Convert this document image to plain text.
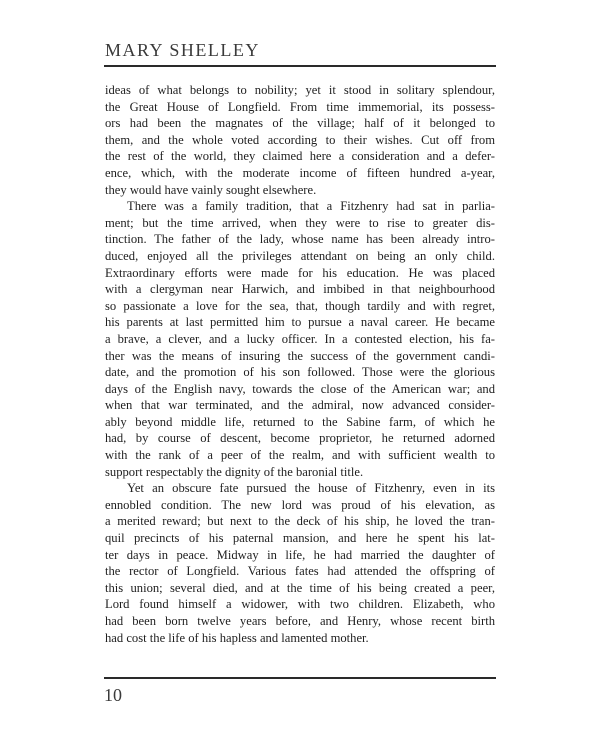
MARY SHELLEY
ideas of what belongs to nobility; yet it stood in solitary splendour,
the Great House of Longfield. From time immemorial, its possess-
ors had been the magnates of the village; half of it belonged to
them, and the whole voted according to their wishes. Cut off from
the rest of the world, they claimed here a consideration and a defer-
ence, which, with the moderate income of fifteen hundred a-year,
they would have vainly sought elsewhere.
There was a family tradition, that a Fitzhenry had sat in parlia-
ment; but the time arrived, when they were to rise to greater dis-
tinction. The father of the lady, whose name has been already intro-
duced, enjoyed all the privileges attendant on being an only child.
Extraordinary efforts were made for his education. He was placed
with a clergyman near Harwich, and imbibed in that neighbourhood
so passionate a love for the sea, that, though tardily and with regret,
his parents at last permitted him to pursue a naval career. He became
a brave, a clever, and a lucky officer. In a contested election, his fa-
ther was the means of insuring the success of the government candi-
date, and the promotion of his son followed. Those were the glorious
days of the English navy, towards the close of the American war; and
when that war terminated, and the admiral, now advanced consider-
ably beyond middle life, returned to the Sabine farm, of which he
had, by course of descent, become proprietor, he returned adorned
with the rank of a peer of the realm, and with sufficient wealth to
support respectably the dignity of the baronial title.
Yet an obscure fate pursued the house of Fitzhenry, even in its
ennobled condition. The new lord was proud of his elevation, as
a merited reward; but next to the deck of his ship, he loved the tran-
quil precincts of his paternal mansion, and here he spent his lat-
ter days in peace. Midway in life, he had married the daughter of
the rector of Longfield. Various fates had attended the offspring of
this union; several died, and at the time of his being created a peer,
Lord found himself a widower, with two children. Elizabeth, who
had been born twelve years before, and Henry, whose recent birth
had cost the life of his hapless and lamented mother.
10
